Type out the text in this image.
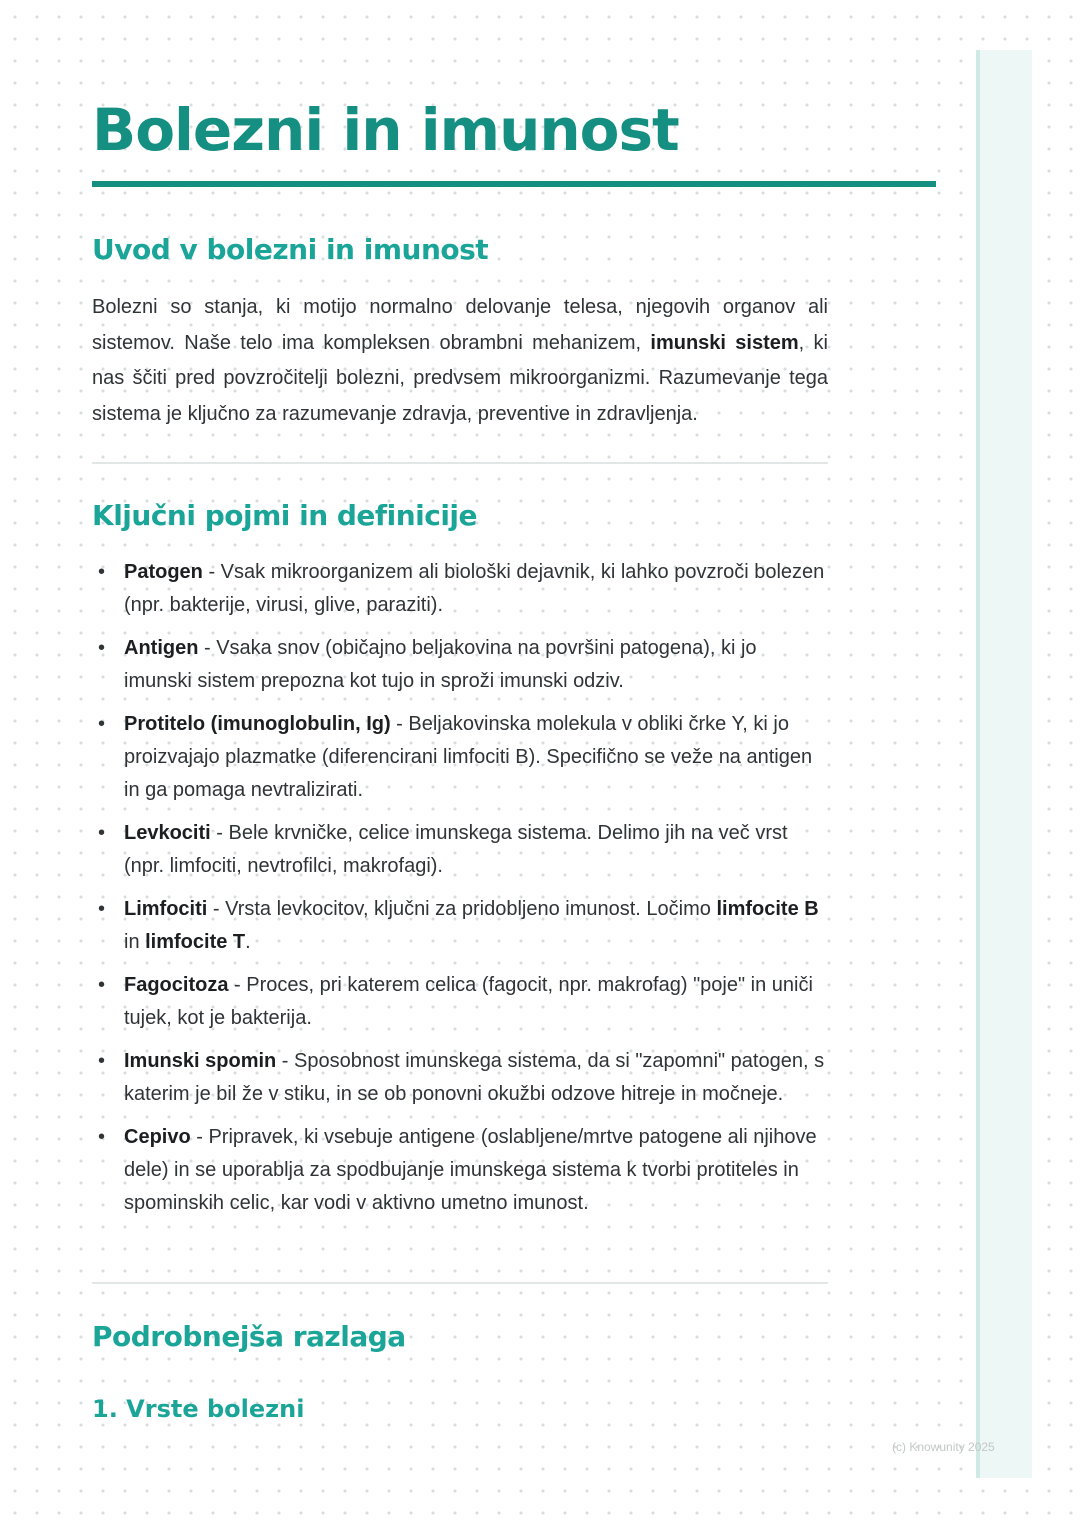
Bolezni in imunost
Uvod v bolezni in imunost

Bolezni so stanja, ki motijo normalno delovanje telesa, njegovih organov ali sistemov. Naše telo ima kompleksen obrambni mehanizem, imunski sistem, ki nas ščiti pred povzročitelji bolezni, predvsem mikroorganizmi. Razumevanje tega sistema je ključno za razumevanje zdravja, preventive in zdravljenja.

Ključni pojmi in definicije
• Patogen - Vsak mikroorganizem ali biološki dejavnik, ki lahko povzroči bolezen (npr. bakterije, virusi, glive, paraziti).
• Antigen - Vsaka snov (običajno beljakovina na površini patogena), ki jo imunski sistem prepozna kot tujo in sproži imunski odziv.
• Protitelo (imunoglobulin, Ig) - Beljakovinska molekula v obliki črke Y, ki jo proizvajajo plazmatke (diferencirani limfociti B). Specifično se veže na antigen in ga pomaga nevtralizirati.
• Levkociti - Bele krvničke, celice imunskega sistema. Delimo jih na več vrst (npr. limfociti, nevtrofilci, makrofagi).
• Limfociti - Vrsta levkocitov, ključni za pridobljeno imunost. Ločimo limfocite B in limfocite T.
• Fagocitoza - Proces, pri katerem celica (fagocit, npr. makrofag) "poje" in uniči tujek, kot je bakterija.
• Imunski spomin - Sposobnost imunskega sistema, da si "zapomni" patogen, s katerim je bil že v stiku, in se ob ponovni okužbi odzove hitreje in močneje.
• Cepivo - Pripravek, ki vsebuje antigene (oslabljene/mrtve patogene ali njihove dele) in se uporablja za spodbujanje imunskega sistema k tvorbi protiteles in spominskih celic, kar vodi v aktivno umetno imunost.
Podrobnejša razlaga
1. Vrste bolezni
(c) Knowunity 2025
